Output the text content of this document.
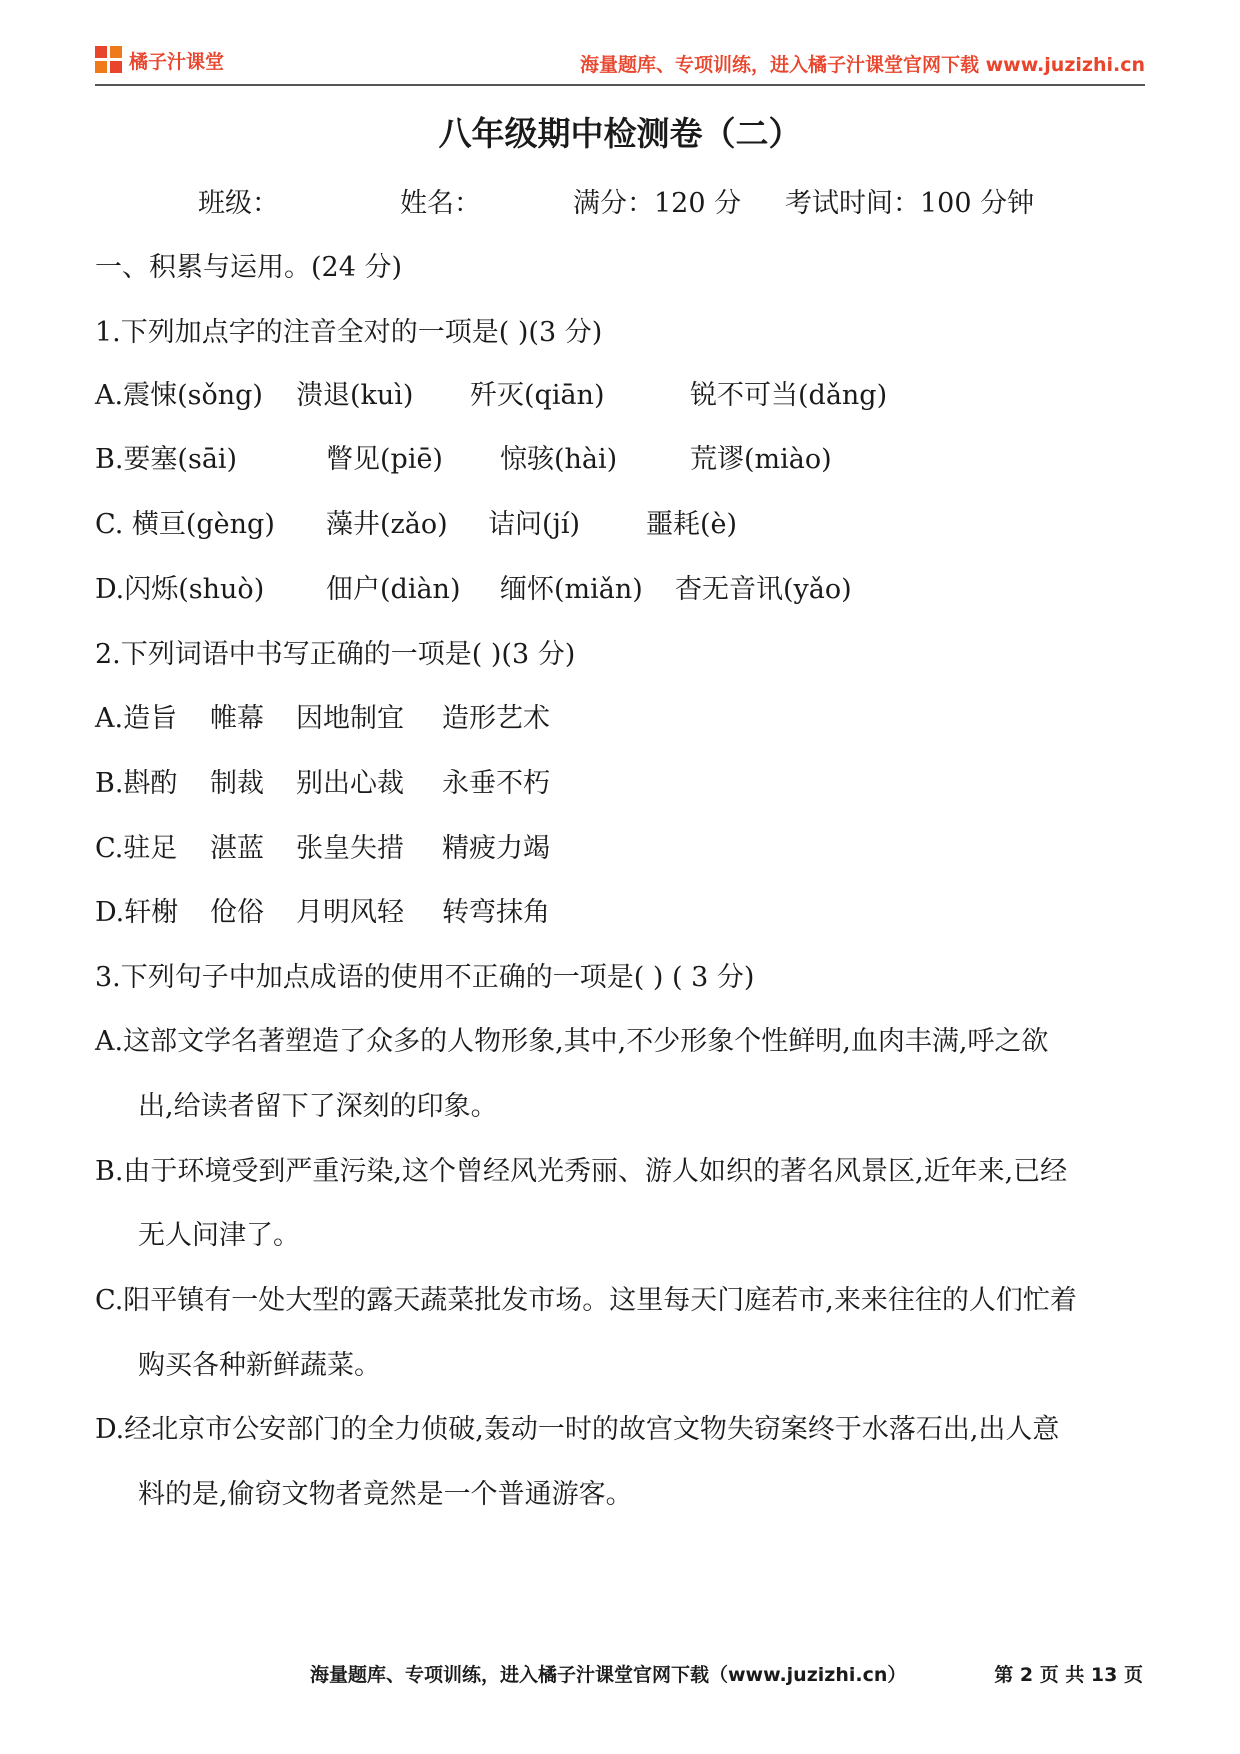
橘子汁课堂	海量题库、专项训练，进入橘子汁课堂官网下载 www.juzizhi.cn
八年级期中检测卷（二）
班级：	姓名：	满分：120 分 考试时间：100 分钟
一、积累与运用。(24 分)
1.下列加点字的注音全对的一项是( )(3 分)
A.震悚(sǒng) 溃退(kuì) 歼灭(qiān)	锐不可当(dǎng)
B.要塞(sāi)	瞥见(piē) 惊骇(hài)	荒谬(miào)
C. 横亘(gèng) 藻井(zǎo) 诘问(jí) 噩耗(è)
D.闪烁(shuò) 佃户(diàn) 缅怀(miǎn) 杳无音讯(yǎo)
2.下列词语中书写正确的一项是( )(3 分)
A.造旨 帷幕 因地制宜 造形艺术
B.斟酌 制裁 别出心裁 永垂不朽
C.驻足 湛蓝 张皇失措 精疲力竭
D.轩榭 伧俗 月明风轻 转弯抹角
3.下列句子中加点成语的使用不正确的一项是( ) ( 3 分)
A.这部文学名著塑造了众多的人物形象,其中,不少形象个性鲜明,血肉丰满,呼之欲
出,给读者留下了深刻的印象。
B.由于环境受到严重污染,这个曾经风光秀丽、游人如织的著名风景区,近年来,已经
无人问津了。
C.阳平镇有一处大型的露天蔬菜批发市场。这里每天门庭若市,来来往往的人们忙着
购买各种新鲜蔬菜。
D.经北京市公安部门的全力侦破,轰动一时的故宫文物失窃案终于水落石出,出人意
料的是,偷窃文物者竟然是一个普通游客。
海量题库、专项训练，进入橘子汁课堂官网下载（www.juzizhi.cn）	第 2 页 共 13 页
